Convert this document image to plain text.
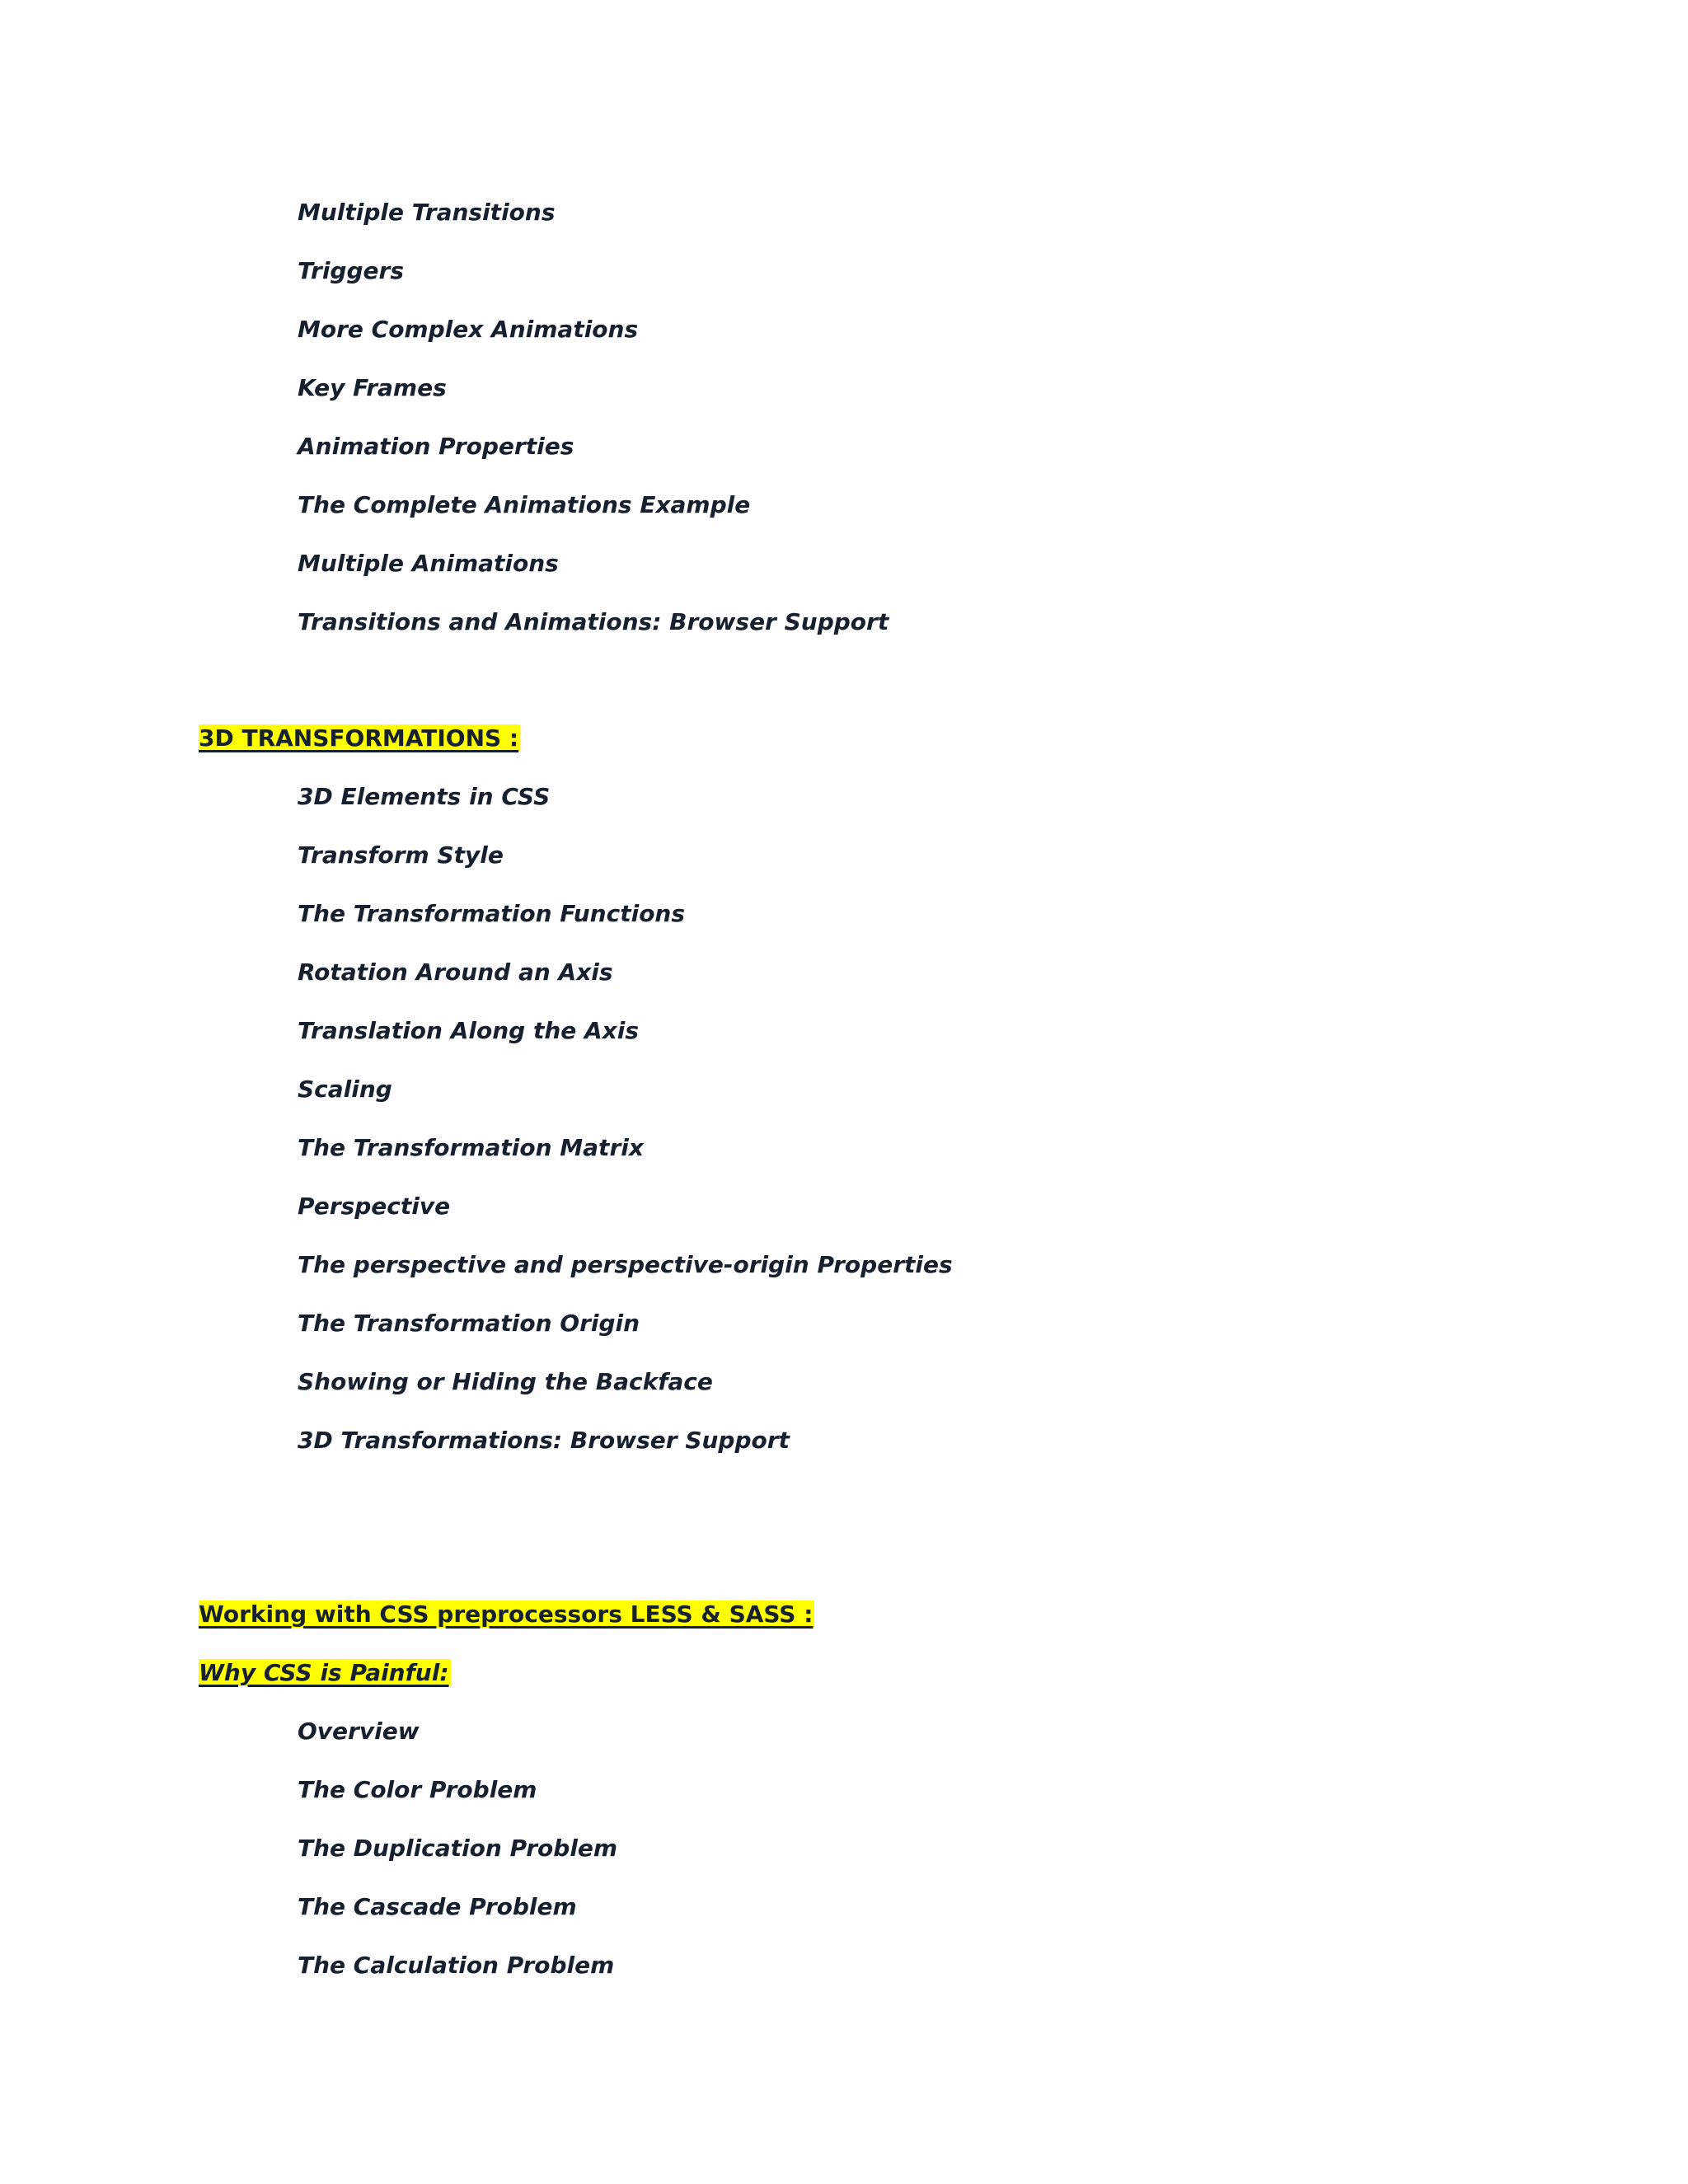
Multiple Transitions
Triggers
More Complex Animations
Key Frames
Animation Properties
The Complete Animations Example
Multiple Animations
Transitions and Animations: Browser Support
3D TRANSFORMATIONS :
3D Elements in CSS
Transform Style
The Transformation Functions
Rotation Around an Axis
Translation Along the Axis
Scaling
The Transformation Matrix
Perspective
The perspective and perspective-origin Properties
The Transformation Origin
Showing or Hiding the Backface
3D Transformations: Browser Support
Working with CSS preprocessors LESS & SASS :
Why CSS is Painful:
Overview
The Color Problem
The Duplication Problem
The Cascade Problem
The Calculation Problem
